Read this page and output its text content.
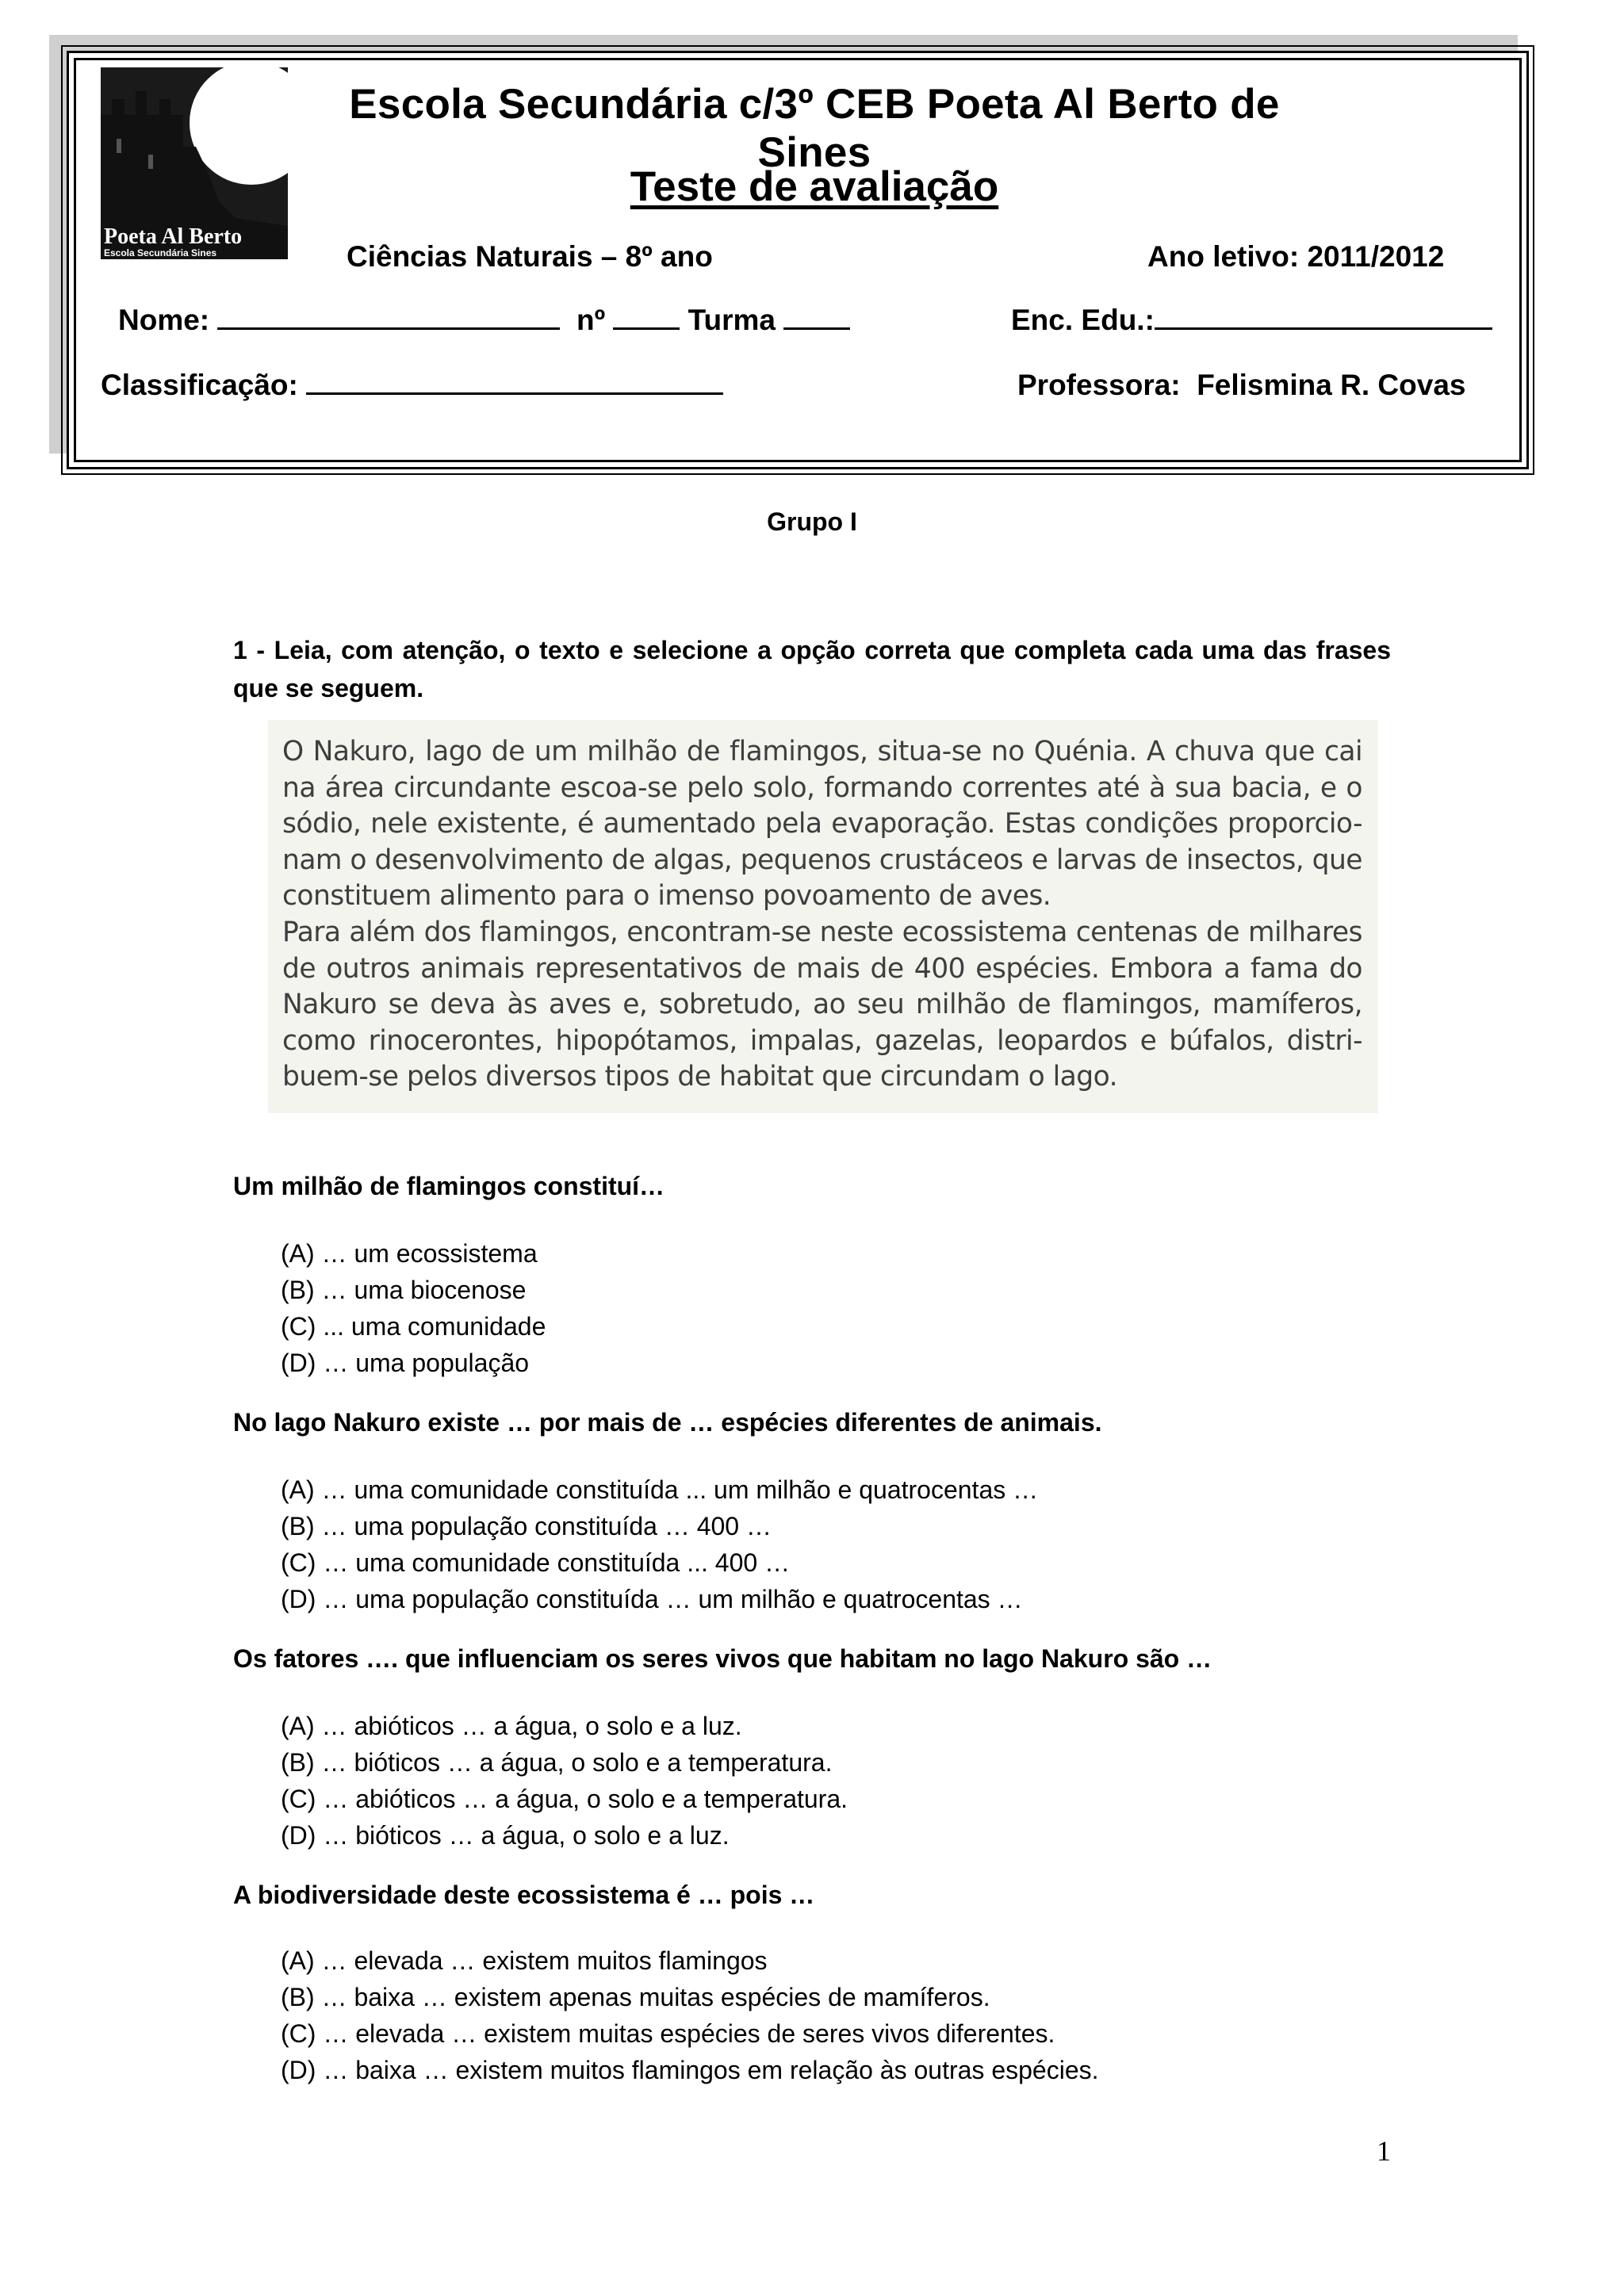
Poeta Al Berto
Escola Secundária Sines
Escola Secundária c/3º CEB Poeta Al Berto de Sines
Teste de avaliação
Ciências Naturais – 8º ano	Ano letivo: 2011/2012
Nome:	nº	Turma	Enc. Edu.:
Classificação:	Professora:  Felismina R. Covas
Grupo I
1 - Leia, com atenção, o texto e selecione a opção correta que completa cada uma das frases que se seguem.

O Nakuro, lago de um milhão de flamingos, situa-se no Quénia. A chuva que cai na área circundante escoa-se pelo solo, formando correntes até à sua bacia, e o sódio, nele existente, é aumentado pela evaporação. Estas condições proporcio-nam o desenvolvimento de algas, pequenos crustáceos e larvas de insectos, que constituem alimento para o imenso povoamento de aves.

Para além dos flamingos, encontram-se neste ecossistema centenas de milhares de outros animais representativos de mais de 400 espécies. Embora a fama do Nakuro se deva às aves e, sobretudo, ao seu milhão de flamingos, mamíferos, como rinocerontes, hipopótamos, impalas, gazelas, leopardos e búfalos, distri-buem-se pelos diversos tipos de habitat que circundam o lago.

Um milhão de flamingos constituí…
(A) … um ecossistema
(B) … uma biocenose
(C) ... uma comunidade
(D) … uma população
No lago Nakuro existe … por mais de … espécies diferentes de animais.
(A) … uma comunidade constituída ... um milhão e quatrocentas …
(B) … uma população constituída … 400 …
(C) … uma comunidade constituída ... 400 …
(D) … uma população constituída … um milhão e quatrocentas …
Os fatores …. que influenciam os seres vivos que habitam no lago Nakuro são …
(A) … abióticos … a água, o solo e a luz.
(B) … bióticos … a água, o solo e a temperatura.
(C) … abióticos … a água, o solo e a temperatura.
(D) … bióticos … a água, o solo e a luz.
A biodiversidade deste ecossistema é … pois …
(A) … elevada … existem muitos flamingos
(B) … baixa … existem apenas muitas espécies de mamíferos.
(C) … elevada … existem muitas espécies de seres vivos diferentes.
(D) … baixa … existem muitos flamingos em relação às outras espécies.
1
